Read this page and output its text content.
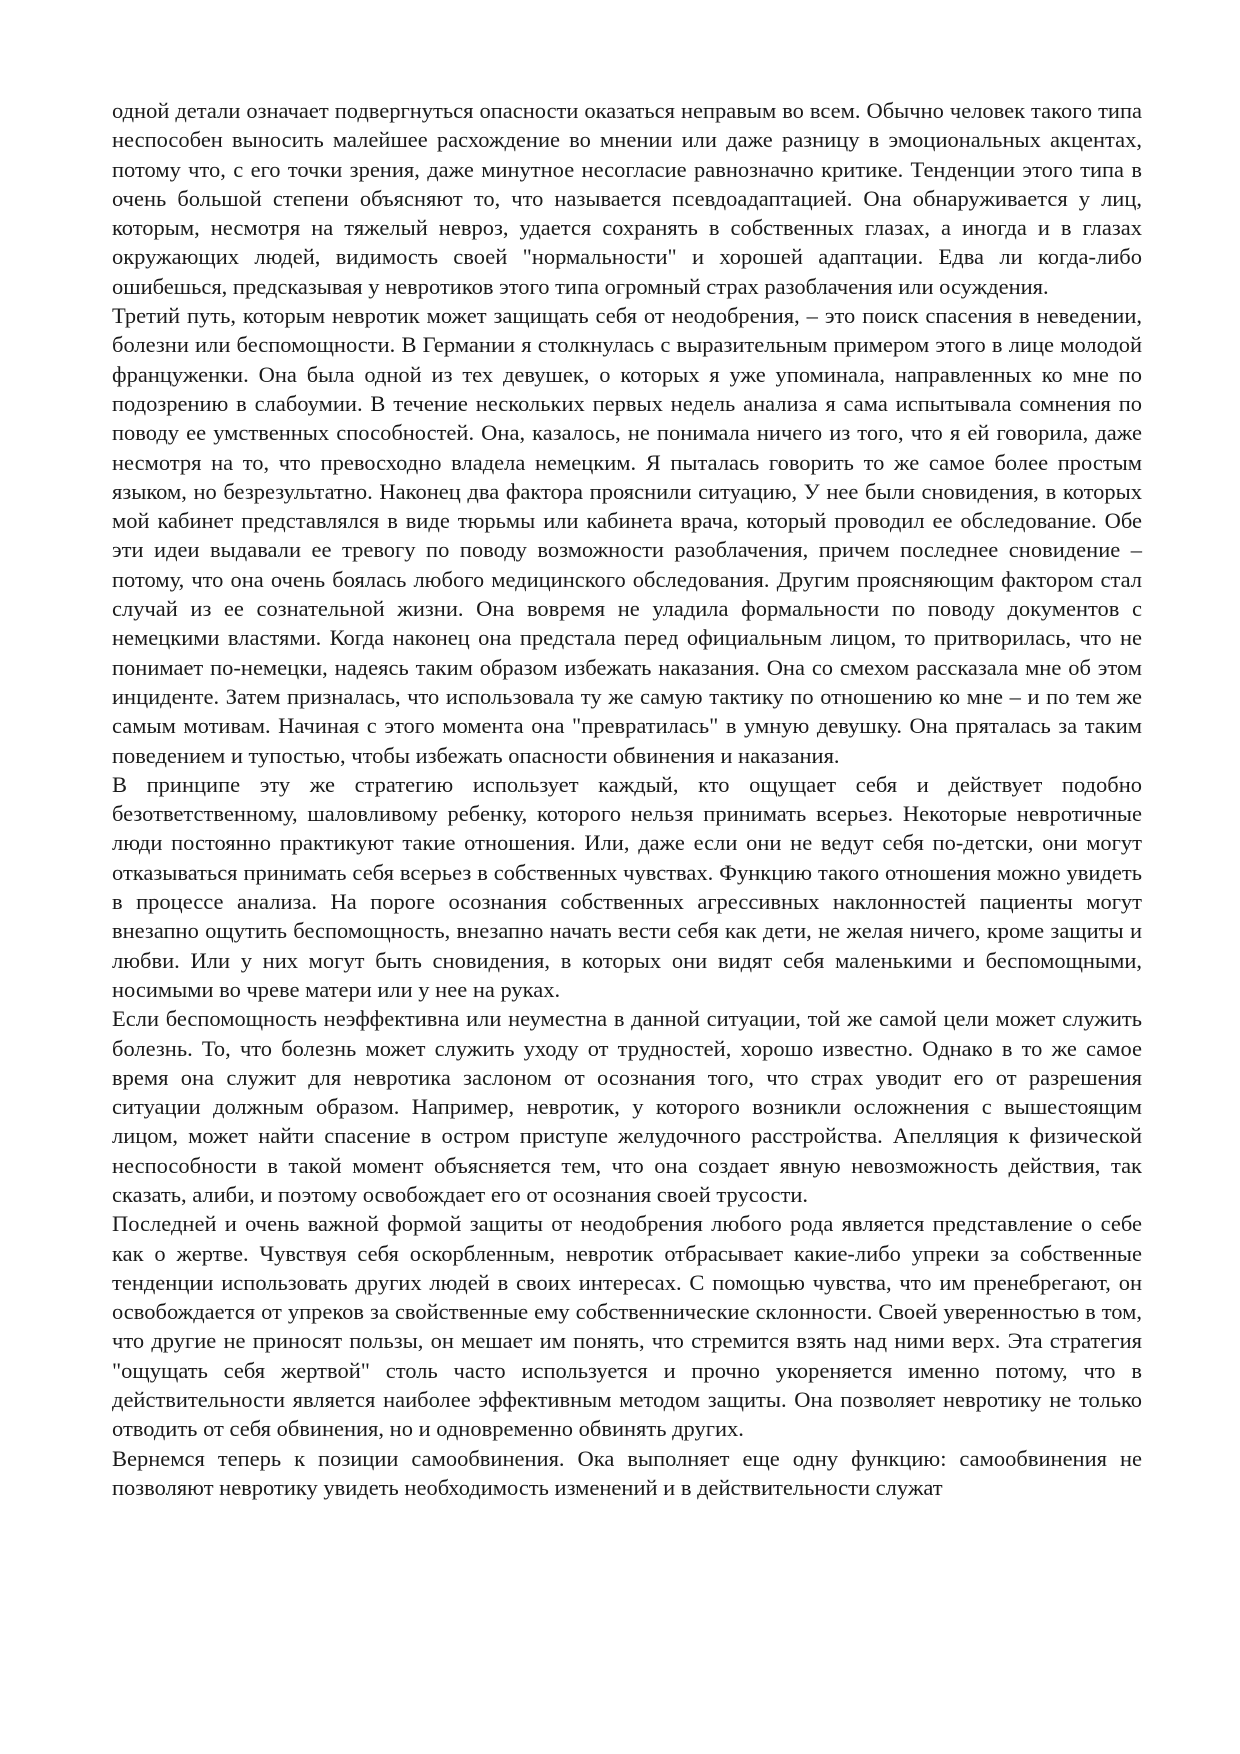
одной детали означает подвергнуться опасности оказаться неправым во всем. Обычно человек такого типа неспособен выносить малейшее расхождение во мнении или даже разницу в эмоциональных акцентах, потому что, с его точки зрения, даже минутное несогласие равнозначно критике. Тенденции этого типа в очень большой степени объясняют то, что называется псевдоадаптацией. Она обнаруживается у лиц, которым, несмотря на тяжелый невроз, удается сохранять в собственных глазах, а иногда и в глазах окружающих людей, видимость своей "нормальности" и хорошей адаптации. Едва ли когда-либо ошибешься, предсказывая у невротиков этого типа огромный страх разоблачения или осуждения.

Третий путь, которым невротик может защищать себя от неодобрения, – это поиск спасения в неведении, болезни или беспомощности. В Германии я столкнулась с выразительным примером этого в лице молодой француженки. Она была одной из тех девушек, о которых я уже упоминала, направленных ко мне по подозрению в слабоумии. В течение нескольких первых недель анализа я сама испытывала сомнения по поводу ее умственных способностей. Она, казалось, не понимала ничего из того, что я ей говорила, даже несмотря на то, что превосходно владела немецким. Я пыталась говорить то же самое более простым языком, но безрезультатно. Наконец два фактора прояснили ситуацию, У нее были сновидения, в которых мой кабинет представлялся в виде тюрьмы или кабинета врача, который проводил ее обследование. Обе эти идеи выдавали ее тревогу по поводу возможности разоблачения, причем последнее сновидение – потому, что она очень боялась любого медицинского обследования. Другим проясняющим фактором стал случай из ее сознательной жизни. Она вовремя не уладила формальности по поводу документов с немецкими властями. Когда наконец она предстала перед официальным лицом, то притворилась, что не понимает по-немецки, надеясь таким образом избежать наказания. Она со смехом рассказала мне об этом инциденте. Затем призналась, что использовала ту же самую тактику по отношению ко мне – и по тем же самым мотивам. Начиная с этого момента она "превратилась" в умную девушку. Она пряталась за таким поведением и тупостью, чтобы избежать опасности обвинения и наказания.

В принципе эту же стратегию использует каждый, кто ощущает себя и действует подобно безответственному, шаловливому ребенку, которого нельзя принимать всерьез. Некоторые невротичные люди постоянно практикуют такие отношения. Или, даже если они не ведут себя по-детски, они могут отказываться принимать себя всерьез в собственных чувствах. Функцию такого отношения можно увидеть в процессе анализа. На пороге осознания собственных агрессивных наклонностей пациенты могут внезапно ощутить беспомощность, внезапно начать вести себя как дети, не желая ничего, кроме защиты и любви. Или у них могут быть сновидения, в которых они видят себя маленькими и беспомощными, носимыми во чреве матери или у нее на руках.

Если беспомощность неэффективна или неуместна в данной ситуации, той же самой цели может служить болезнь. То, что болезнь может служить уходу от трудностей, хорошо известно. Однако в то же самое время она служит для невротика заслоном от осознания того, что страх уводит его от разрешения ситуации должным образом. Например, невротик, у которого возникли осложнения с вышестоящим лицом, может найти спасение в остром приступе желудочного расстройства. Апелляция к физической неспособности в такой момент объясняется тем, что она создает явную невозможность действия, так сказать, алиби, и поэтому освобождает его от осознания своей трусости.

Последней и очень важной формой защиты от неодобрения любого рода является представление о себе как о жертве. Чувствуя себя оскорбленным, невротик отбрасывает какие-либо упреки за собственные тенденции использовать других людей в своих интересах. С помощью чувства, что им пренебрегают, он освобождается от упреков за свойственные ему собственнические склонности. Своей уверенностью в том, что другие не приносят пользы, он мешает им понять, что стремится взять над ними верх. Эта стратегия "ощущать себя жертвой" столь часто используется и прочно укореняется именно потому, что в действительности является наиболее эффективным методом защиты. Она позволяет невротику не только отводить от себя обвинения, но и одновременно обвинять других.

Вернемся теперь к позиции самообвинения. Ока выполняет еще одну функцию: самообвинения не позволяют невротику увидеть необходимость изменений и в действительности служат
